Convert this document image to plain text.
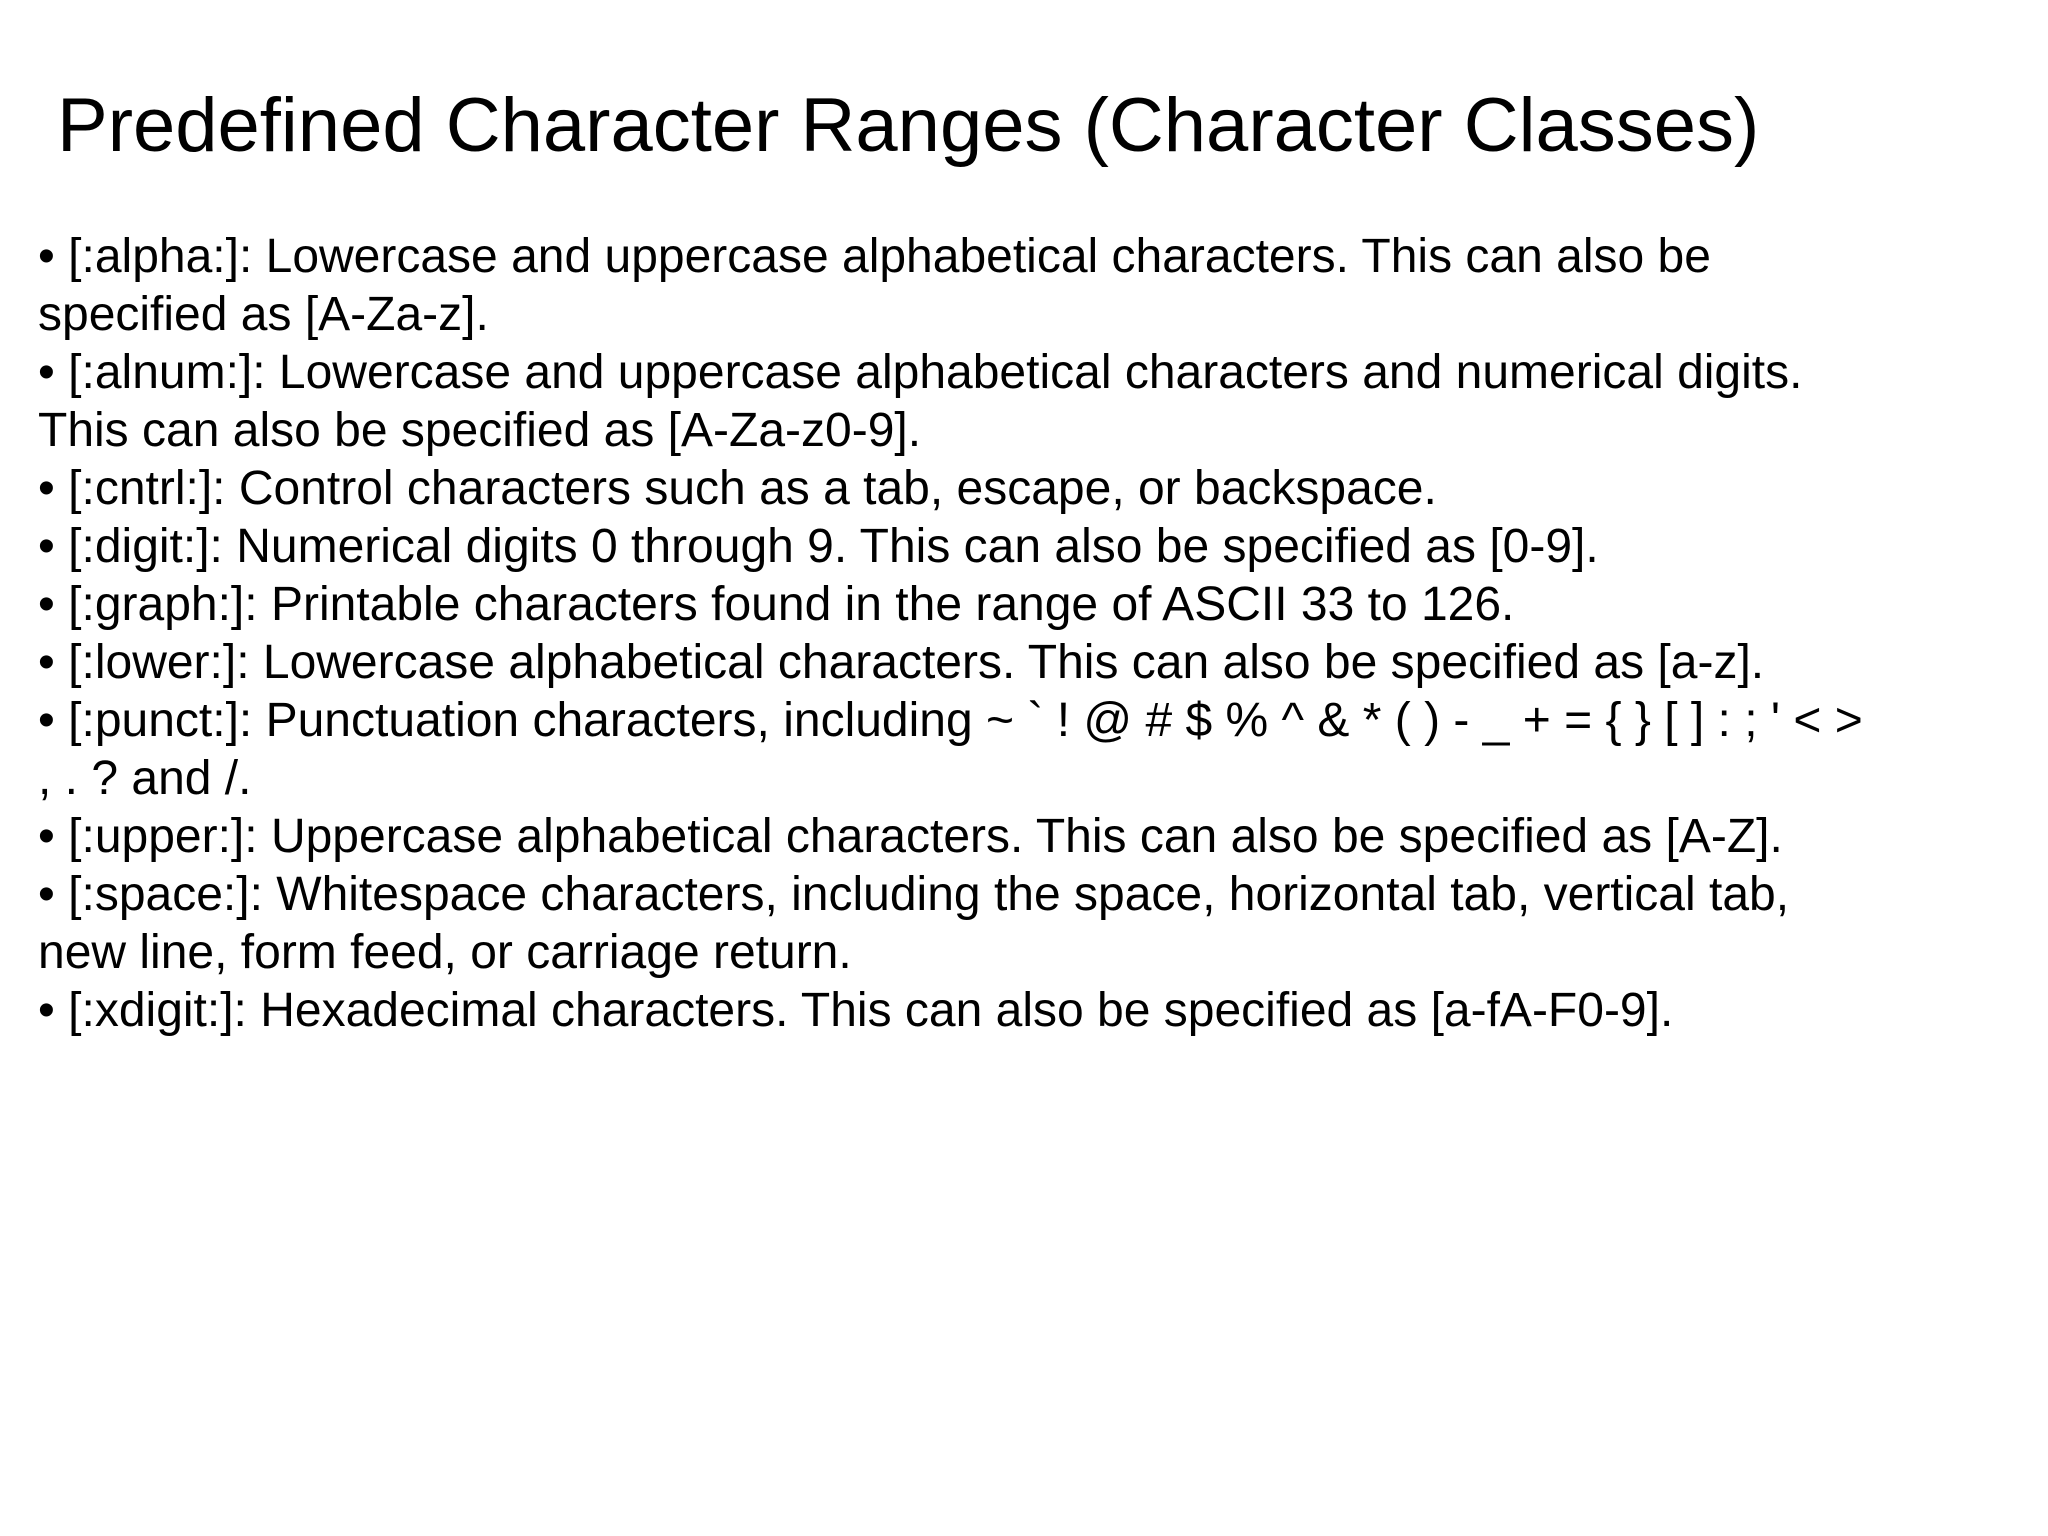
Predefined Character Ranges (Character Classes)
• [:alpha:]: Lowercase and uppercase alphabetical characters. This can also be
specified as [A-Za-z].
• [:alnum:]: Lowercase and uppercase alphabetical characters and numerical digits.
This can also be specified as [A-Za-z0-9].
• [:cntrl:]: Control characters such as a tab, escape, or backspace.
• [:digit:]: Numerical digits 0 through 9. This can also be specified as [0-9].
• [:graph:]: Printable characters found in the range of ASCII 33 to 126.
• [:lower:]: Lowercase alphabetical characters. This can also be specified as [a-z].
• [:punct:]: Punctuation characters, including ~ ` ! @ # $ % ^ & * ( ) - _ + = { } [ ] : ; ' < >
, . ? and /.
• [:upper:]: Uppercase alphabetical characters. This can also be specified as [A-Z].
• [:space:]: Whitespace characters, including the space, horizontal tab, vertical tab,
new line, form feed, or carriage return.
• [:xdigit:]: Hexadecimal characters. This can also be specified as [a-fA-F0-9].
